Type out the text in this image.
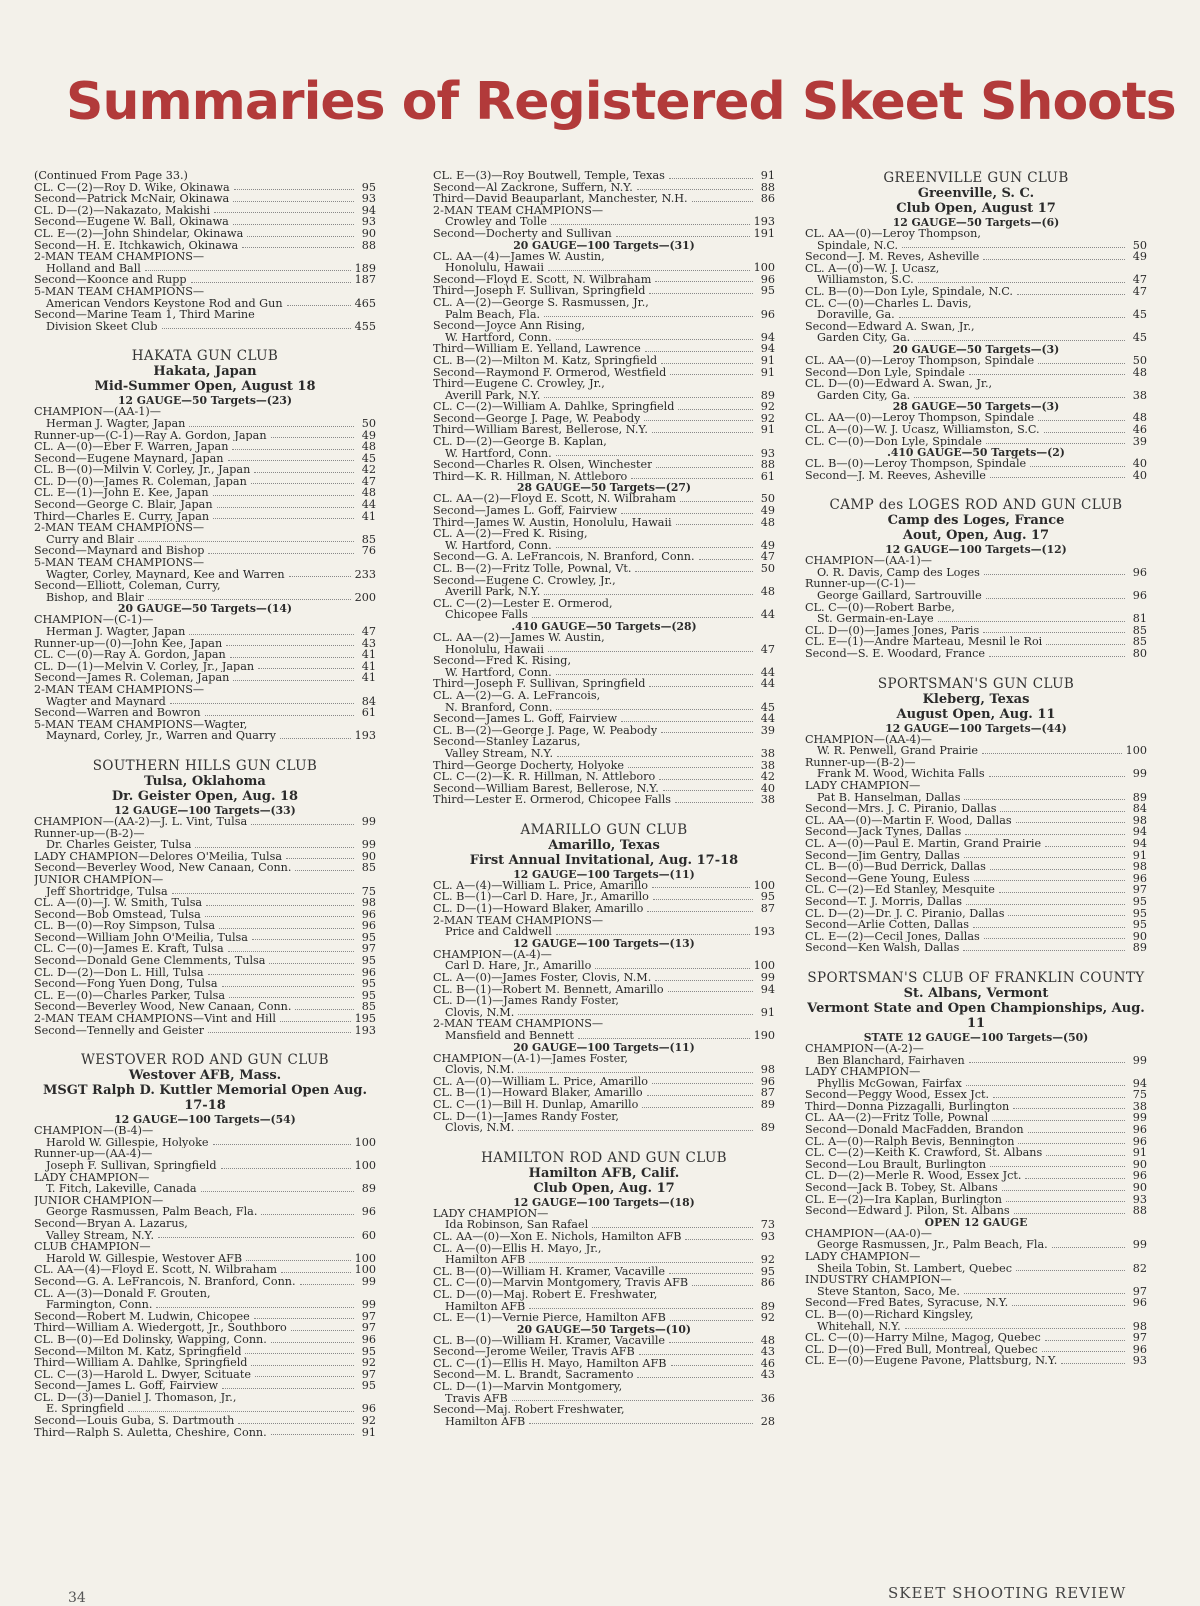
Summaries of Registered Skeet Shoots
(Continued From Page 33.)
CL. C—(2)—Roy D. Wike, Okinawa	95
Second—Patrick McNair, Okinawa	93
CL. D—(2)—Nakazato, Makishi	94
Second—Eugene W. Ball, Okinawa	93
CL. E—(2)—John Shindelar, Okinawa	90
Second—H. E. Itchkawich, Okinawa	88
2-MAN TEAM CHAMPIONS—
Holland and Ball	189
Second—Koonce and Rupp	187
5-MAN TEAM CHAMPIONS—
American Vendors Keystone Rod and Gun	465
Second—Marine Team 1, Third Marine
Division Skeet Club	455
HAKATA GUN CLUB
Hakata, Japan
Mid-Summer Open, August 18
12 GAUGE—50 Targets—(23)
CHAMPION—(AA-1)—
Herman J. Wagter, Japan	50
Runner-up—(C-1)—Ray A. Gordon, Japan	49
CL. A—(0)—Eber F. Warren, Japan	48
Second—Eugene Maynard, Japan	45
CL. B—(0)—Milvin V. Corley, Jr., Japan	42
CL. D—(0)—James R. Coleman, Japan	47
CL. E—(1)—John E. Kee, Japan	48
Second—George C. Blair, Japan	44
Third—Charles E. Curry, Japan	41
2-MAN TEAM CHAMPIONS—
Curry and Blair	85
Second—Maynard and Bishop	76
5-MAN TEAM CHAMPIONS—
Wagter, Corley, Maynard, Kee and Warren	233
Second—Elliott, Coleman, Curry,
Bishop, and Blair	200
20 GAUGE—50 Targets—(14)
CHAMPION—(C-1)—
Herman J. Wagter, Japan	47
Runner-up—(0)—John Kee, Japan	43
CL. C—(0)—Ray A. Gordon, Japan	41
CL. D—(1)—Melvin V. Corley, Jr., Japan	41
Second—James R. Coleman, Japan	41
2-MAN TEAM CHAMPIONS—
Wagter and Maynard	84
Second—Warren and Bowron	61
5-MAN TEAM CHAMPIONS—Wagter,
Maynard, Corley, Jr., Warren and Quarry	193
SOUTHERN HILLS GUN CLUB
Tulsa, Oklahoma
Dr. Geister Open, Aug. 18
12 GAUGE—100 Targets—(33)
CHAMPION—(AA-2)—J. L. Vint, Tulsa	99
Runner-up—(B-2)—
Dr. Charles Geister, Tulsa	99
LADY CHAMPION—Delores O'Meilia, Tulsa	90
Second—Beverley Wood, New Canaan, Conn.	85
JUNIOR CHAMPION—
Jeff Shortridge, Tulsa	75
CL. A—(0)—J. W. Smith, Tulsa	98
Second—Bob Omstead, Tulsa	96
CL. B—(0)—Roy Simpson, Tulsa	96
Second—William John O'Meilia, Tulsa	95
CL. C—(0)—James E. Kraft, Tulsa	97
Second—Donald Gene Clemments, Tulsa	95
CL. D—(2)—Don L. Hill, Tulsa	96
Second—Fong Yuen Dong, Tulsa	95
CL. E—(0)—Charles Parker, Tulsa	95
Second—Beverley Wood, New Canaan, Conn.	85
2-MAN TEAM CHAMPIONS—Vint and Hill	195
Second—Tennelly and Geister	193
WESTOVER ROD AND GUN CLUB
Westover AFB, Mass.
MSGT Ralph D. Kuttler Memorial Open Aug. 17-18
12 GAUGE—100 Targets—(54)
CHAMPION—(B-4)—
Harold W. Gillespie, Holyoke	100
Runner-up—(AA-4)—
Joseph F. Sullivan, Springfield	100
LADY CHAMPION—
T. Fitch, Lakeville, Canada	89
JUNIOR CHAMPION—
George Rasmussen, Palm Beach, Fla.	96
Second—Bryan A. Lazarus,
Valley Stream, N.Y.	60
CLUB CHAMPION—
Harold W. Gillespie, Westover AFB	100
CL. AA—(4)—Floyd E. Scott, N. Wilbraham	100
Second—G. A. LeFrancois, N. Branford, Conn.	99
CL. A—(3)—Donald F. Grouten,
Farmington, Conn.	99
Second—Robert M. Ludwin, Chicopee	97
Third—William A. Wiedergott, Jr., Southboro	97
CL. B—(0)—Ed Dolinsky, Wapping, Conn.	96
Second—Milton M. Katz, Springfield	95
Third—William A. Dahlke, Springfield	92
CL. C—(3)—Harold L. Dwyer, Scituate	97
Second—James L. Goff, Fairview	95
CL. D—(3)—Daniel J. Thomason, Jr.,
E. Springfield	96
Second—Louis Guba, S. Dartmouth	92
Third—Ralph S. Auletta, Cheshire, Conn.	91
CL. E—(3)—Roy Boutwell, Temple, Texas	91
Second—Al Zackrone, Suffern, N.Y.	88
Third—David Beauparlant, Manchester, N.H.	86
2-MAN TEAM CHAMPIONS—
Crowley and Tolle	193
Second—Docherty and Sullivan	191
20 GAUGE—100 Targets—(31)
CL. AA—(4)—James W. Austin,
Honolulu, Hawaii	100
Second—Floyd E. Scott, N. Wilbraham	96
Third—Joseph F. Sullivan, Springfield	95
CL. A—(2)—George S. Rasmussen, Jr.,
Palm Beach, Fla.	96
Second—Joyce Ann Rising,
W. Hartford, Conn.	94
Third—William E. Yelland, Lawrence	94
CL. B—(2)—Milton M. Katz, Springfield	91
Second—Raymond F. Ormerod, Westfield	91
Third—Eugene C. Crowley, Jr.,
Averill Park, N.Y.	89
CL. C—(2)—William A. Dahlke, Springfield	92
Second—George J. Page, W. Peabody	92
Third—William Barest, Bellerose, N.Y.	91
CL. D—(2)—George B. Kaplan,
W. Hartford, Conn.	93
Second—Charles R. Olsen, Winchester	88
Third—K. R. Hillman, N. Attleboro	61
28 GAUGE—50 Targets—(27)
CL. AA—(2)—Floyd E. Scott, N. Wilbraham	50
Second—James L. Goff, Fairview	49
Third—James W. Austin, Honolulu, Hawaii	48
CL. A—(2)—Fred K. Rising,
W. Hartford, Conn.	49
Second—G. A. LeFrancois, N. Branford, Conn.	47
CL. B—(2)—Fritz Tolle, Pownal, Vt.	50
Second—Eugene C. Crowley, Jr.,
Averill Park, N.Y.	48
CL. C—(2)—Lester E. Ormerod,
Chicopee Falls	44
.410 GAUGE—50 Targets—(28)
CL. AA—(2)—James W. Austin,
Honolulu, Hawaii	47
Second—Fred K. Rising,
W. Hartford, Conn.	44
Third—Joseph F. Sullivan, Springfield	44
CL. A—(2)—G. A. LeFrancois,
N. Branford, Conn.	45
Second—James L. Goff, Fairview	44
CL. B—(2)—George J. Page, W. Peabody	39
Second—Stanley Lazarus,
Valley Stream, N.Y.	38
Third—George Docherty, Holyoke	38
CL. C—(2)—K. R. Hillman, N. Attleboro	42
Second—William Barest, Bellerose, N.Y.	40
Third—Lester E. Ormerod, Chicopee Falls	38
AMARILLO GUN CLUB
Amarillo, Texas
First Annual Invitational, Aug. 17-18
12 GAUGE—100 Targets—(11)
CL. A—(4)—William L. Price, Amarillo	100
CL. B—(1)—Carl D. Hare, Jr., Amarillo	95
CL. D—(1)—Howard Blaker, Amarillo	87
2-MAN TEAM CHAMPIONS—
Price and Caldwell	193
12 GAUGE—100 Targets—(13)
CHAMPION—(A-4)—
Carl D. Hare, Jr., Amarillo	100
CL. A—(0)—James Foster, Clovis, N.M.	99
CL. B—(1)—Robert M. Bennett, Amarillo	94
CL. D—(1)—James Randy Foster,
Clovis, N.M.	91
2-MAN TEAM CHAMPIONS—
Mansfield and Bennett	190
20 GAUGE—100 Targets—(11)
CHAMPION—(A-1)—James Foster,
Clovis, N.M.	98
CL. A—(0)—William L. Price, Amarillo	96
CL. B—(1)—Howard Blaker, Amarillo	87
CL. C—(1)—Bill H. Dunlap, Amarillo	89
CL. D—(1)—James Randy Foster,
Clovis, N.M.	89
HAMILTON ROD AND GUN CLUB
Hamilton AFB, Calif.
Club Open, Aug. 17
12 GAUGE—100 Targets—(18)
LADY CHAMPION—
Ida Robinson, San Rafael	73
CL. AA—(0)—Xon E. Nichols, Hamilton AFB	93
CL. A—(0)—Ellis H. Mayo, Jr.,
Hamilton AFB	92
CL. B—(0)—William H. Kramer, Vacaville	95
CL. C—(0)—Marvin Montgomery, Travis AFB	86
CL. D—(0)—Maj. Robert E. Freshwater,
Hamilton AFB	89
CL. E—(1)—Vernie Pierce, Hamilton AFB	92
20 GAUGE—50 Targets—(10)
CL. B—(0)—William H. Kramer, Vacaville	48
Second—Jerome Weiler, Travis AFB	43
CL. C—(1)—Ellis H. Mayo, Hamilton AFB	46
Second—M. L. Brandt, Sacramento	43
CL. D—(1)—Marvin Montgomery,
Travis AFB	36
Second—Maj. Robert Freshwater,
Hamilton AFB	28
GREENVILLE GUN CLUB
Greenville, S. C.
Club Open, August 17
12 GAUGE—50 Targets—(6)
CL. AA—(0)—Leroy Thompson,
Spindale, N.C.	50
Second—J. M. Reves, Asheville	49
CL. A—(0)—W. J. Ucasz,
Williamston, S.C.	47
CL. B—(0)—Don Lyle, Spindale, N.C.	47
CL. C—(0)—Charles L. Davis,
Doraville, Ga.	45
Second—Edward A. Swan, Jr.,
Garden City, Ga.	45
20 GAUGE—50 Targets—(3)
CL. AA—(0)—Leroy Thompson, Spindale	50
Second—Don Lyle, Spindale	48
CL. D—(0)—Edward A. Swan, Jr.,
Garden City, Ga.	38
28 GAUGE—50 Targets—(3)
CL. AA—(0)—Leroy Thompson, Spindale	48
CL. A—(0)—W. J. Ucasz, Williamston, S.C.	46
CL. C—(0)—Don Lyle, Spindale	39
.410 GAUGE—50 Targets—(2)
CL. B—(0)—Leroy Thompson, Spindale	40
Second—J. M. Reeves, Asheville	40
CAMP des LOGES ROD AND GUN CLUB
Camp des Loges, France
Aout, Open, Aug. 17
12 GAUGE—100 Targets—(12)
CHAMPION—(AA-1)—
O. R. Davis, Camp des Loges	96
Runner-up—(C-1)—
George Gaillard, Sartrouville	96
CL. C—(0)—Robert Barbe,
St. Germain-en-Laye	81
CL. D—(0)—James Jones, Paris	85
CL. E—(1)—Andre Marteau, Mesnil le Roi	85
Second—S. E. Woodard, France	80
SPORTSMAN'S GUN CLUB
Kleberg, Texas
August Open, Aug. 11
12 GAUGE—100 Targets—(44)
CHAMPION—(AA-4)—
W. R. Penwell, Grand Prairie	100
Runner-up—(B-2)—
Frank M. Wood, Wichita Falls	99
LADY CHAMPION—
Pat B. Hanselman, Dallas	89
Second—Mrs. J. C. Piranio, Dallas	84
CL. AA—(0)—Martin F. Wood, Dallas	98
Second—Jack Tynes, Dallas	94
CL. A—(0)—Paul E. Martin, Grand Prairie	94
Second—Jim Gentry, Dallas	91
CL. B—(0)—Bud Derrick, Dallas	98
Second—Gene Young, Euless	96
CL. C—(2)—Ed Stanley, Mesquite	97
Second—T. J. Morris, Dallas	95
CL. D—(2)—Dr. J. C. Piranio, Dallas	95
Second—Arlie Cotten, Dallas	95
CL. E—(2)—Cecil Jones, Dallas	90
Second—Ken Walsh, Dallas	89
SPORTSMAN'S CLUB OF FRANKLIN COUNTY
St. Albans, Vermont
Vermont State and Open Championships, Aug. 11
STATE 12 GAUGE—100 Targets—(50)
CHAMPION—(A-2)—
Ben Blanchard, Fairhaven	99
LADY CHAMPION—
Phyllis McGowan, Fairfax	94
Second—Peggy Wood, Essex Jct.	75
Third—Donna Pizzagalli, Burlington	38
CL. AA—(2)—Fritz Tolle, Pownal	99
Second—Donald MacFadden, Brandon	96
CL. A—(0)—Ralph Bevis, Bennington	96
CL. C—(2)—Keith K. Crawford, St. Albans	91
Second—Lou Brault, Burlington	90
CL. D—(2)—Merle R. Wood, Essex Jct.	96
Second—Jack B. Tobey, St. Albans	90
CL. E—(2)—Ira Kaplan, Burlington	93
Second—Edward J. Pilon, St. Albans	88
OPEN 12 GAUGE
CHAMPION—(AA-0)—
George Rasmussen, Jr., Palm Beach, Fla.	99
LADY CHAMPION—
Sheila Tobin, St. Lambert, Quebec	82
INDUSTRY CHAMPION—
Steve Stanton, Saco, Me.	97
Second—Fred Bates, Syracuse, N.Y.	96
CL. B—(0)—Richard Kingsley,
Whitehall, N.Y.	98
CL. C—(0)—Harry Milne, Magog, Quebec	97
CL. D—(0)—Fred Bull, Montreal, Quebec	96
CL. E—(0)—Eugene Pavone, Plattsburg, N.Y.	93
34	SKEET SHOOTING REVIEW
